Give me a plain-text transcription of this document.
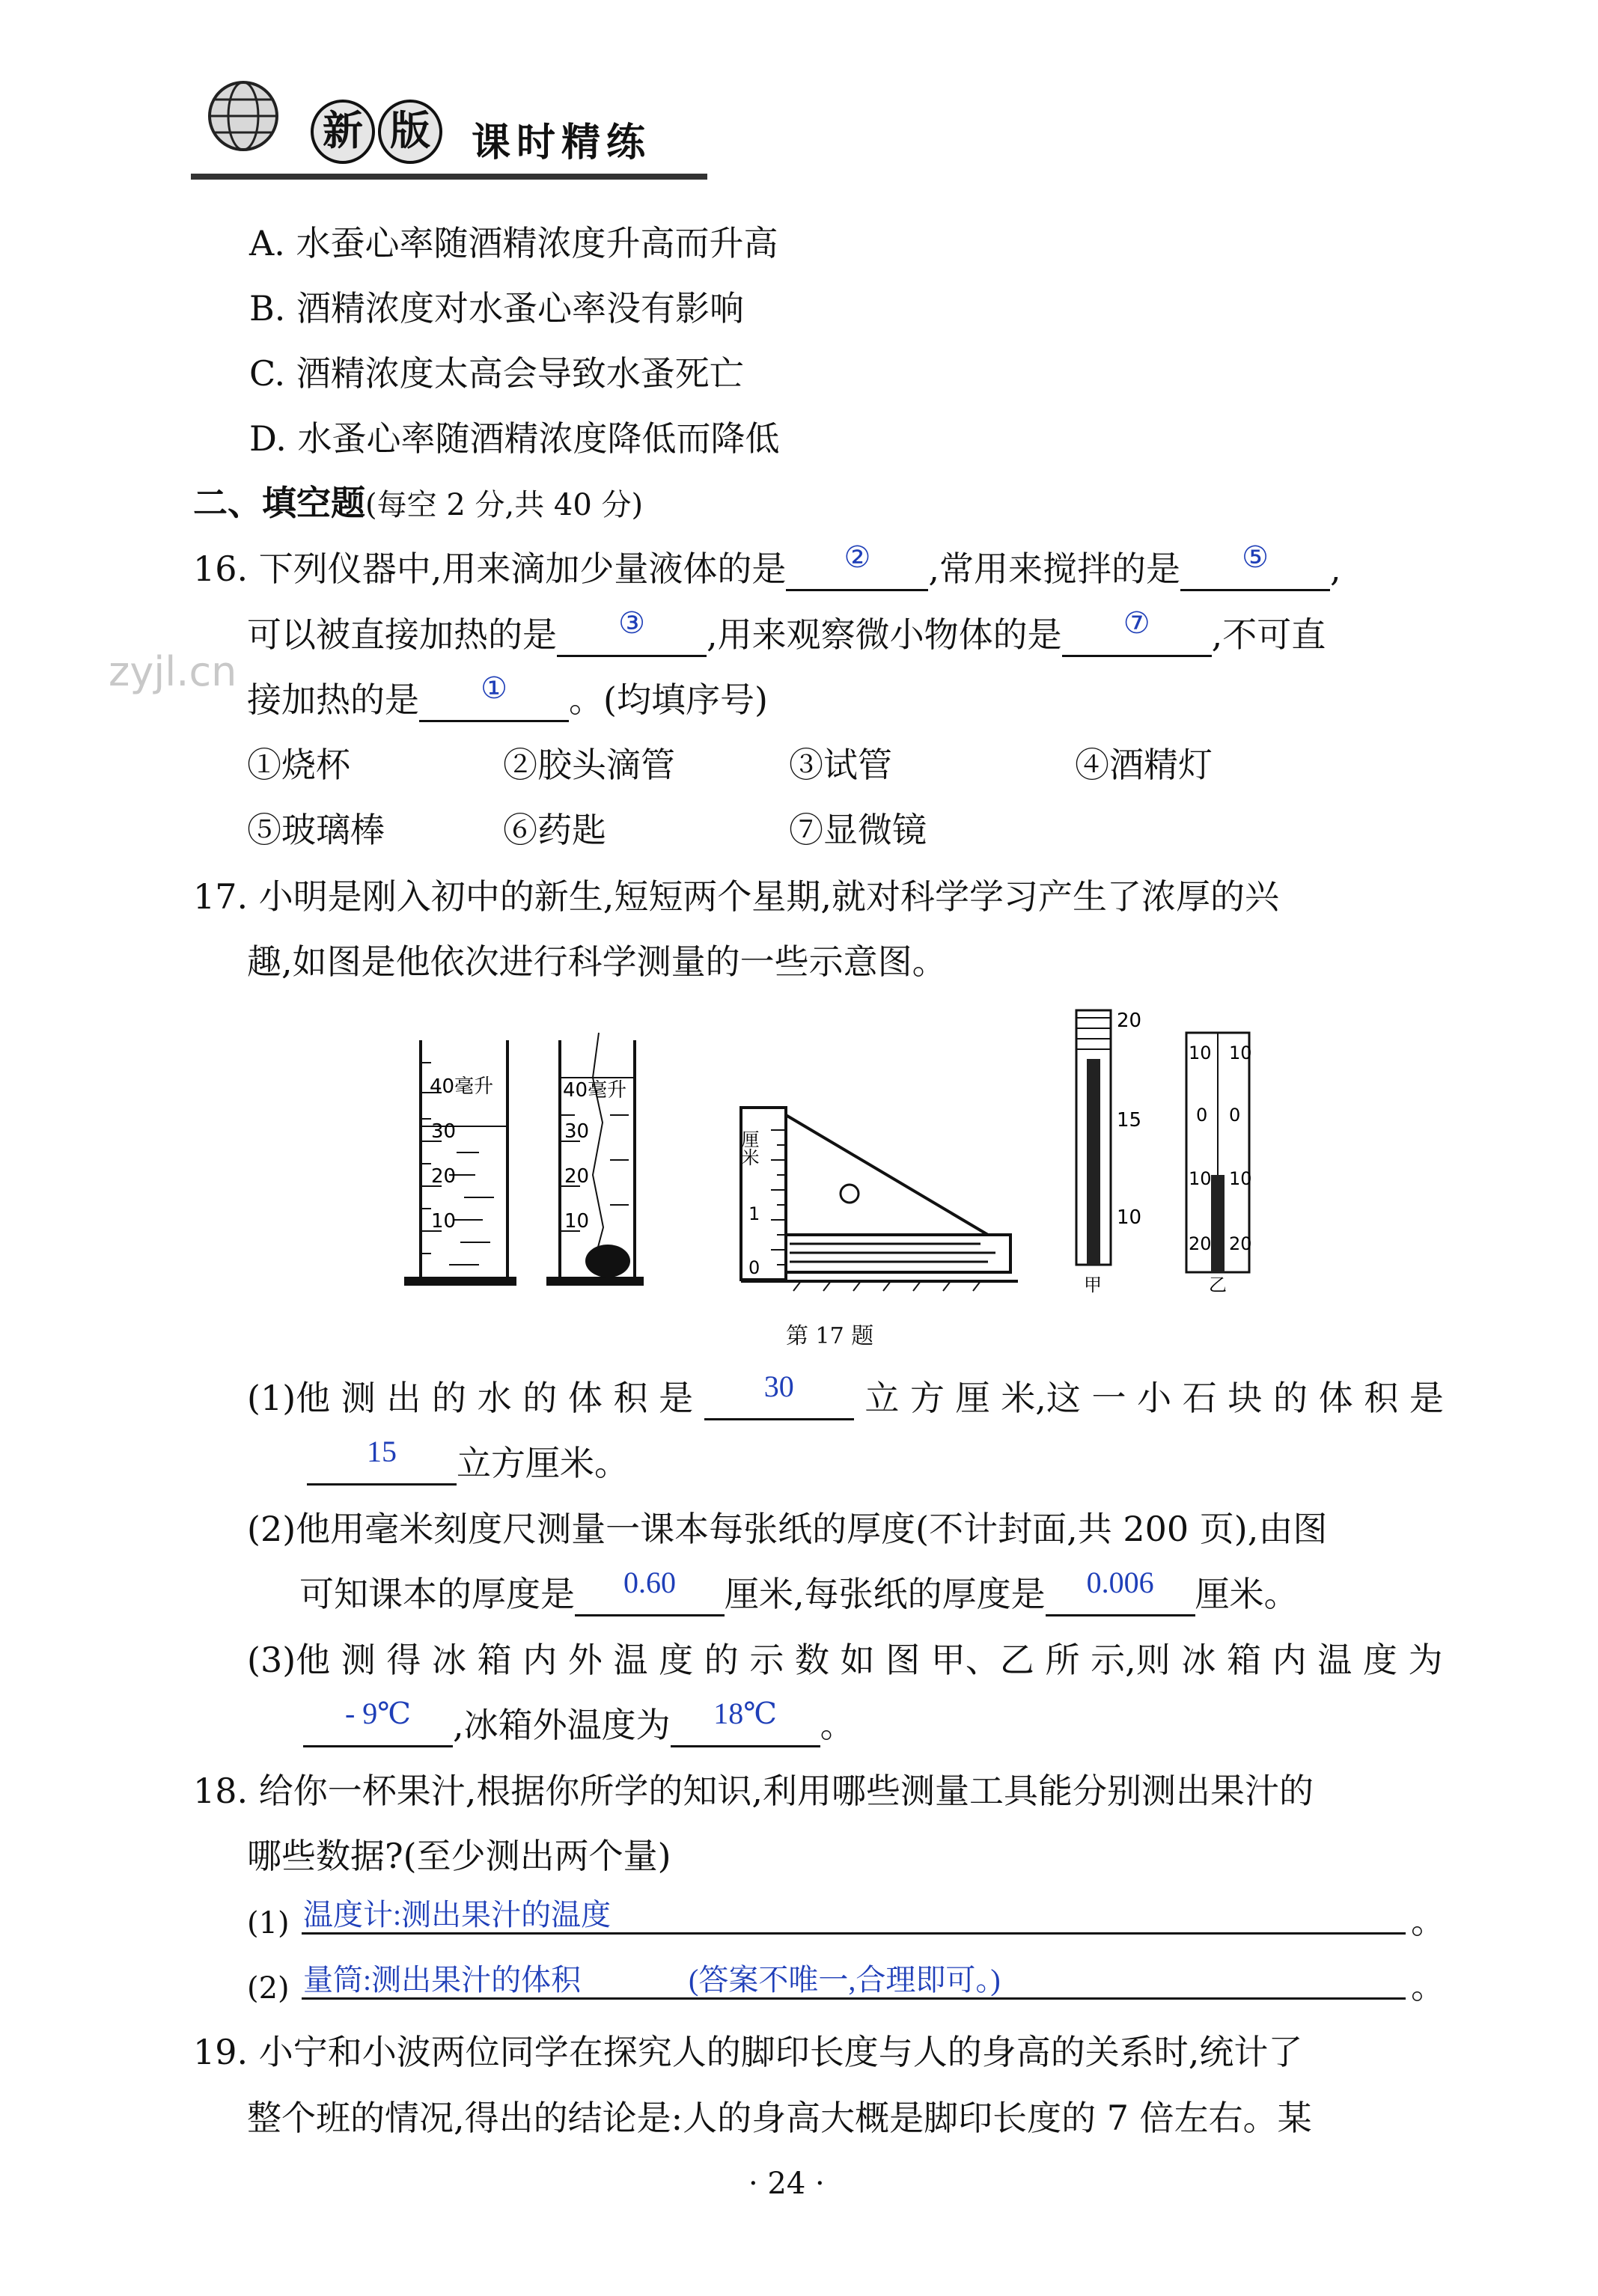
新 版	课时精练
zyjl.cn
A. 水蚕心率随酒精浓度升高而升高
B. 酒精浓度对水蚤心率没有影响
C. 酒精浓度太高会导致水蚤死亡
D. 水蚤心率随酒精浓度降低而降低
二、填空题(每空 2 分,共 40 分)
16. 下列仪器中,用来滴加少量液体的是 ② ,常用来搅拌的是 ⑤ ,
可以被直接加热的是 ③ ,用来观察微小物体的是 ⑦ ,不可直
接加热的是 ① 。(均填序号)
①烧杯	②胶头滴管	③试管	④酒精灯
⑤玻璃棒	⑥药匙	⑦显微镜
17. 小明是刚入初中的新生,短短两个星期,就对科学学习产生了浓厚的兴
趣,如图是他依次进行科学测量的一些示意图。
40毫升
30
20
10
40毫升
30
20
10
厘米
1
0
20
15
10
甲
10
0
10
20
10
0
10
20
乙
第 17 题
(1)他 测 出 的 水 的 体 积 是 30 立 方 厘 米,这 一 小 石 块 的 体 积 是
15 立方厘米。
(2)他用毫米刻度尺测量一课本每张纸的厚度(不计封面,共 200 页),由图
可知课本的厚度是 0.60 厘米,每张纸的厚度是 0.006 厘米。
(3)他 测 得 冰 箱 内 外 温 度 的 示 数 如 图 甲、乙 所 示,则 冰 箱 内 温 度 为
- 9℃ ,冰箱外温度为 18℃ 。
18. 给你一杯果汁,根据你所学的知识,利用哪些测量工具能分别测出果汁的
哪些数据?(至少测出两个量)
(1) 温度计:测出果汁的温度	。
(2) 量筒:测出果汁的体积	(答案不唯一,合理即可。)	。
19. 小宁和小波两位同学在探究人的脚印长度与人的身高的关系时,统计了
整个班的情况,得出的结论是:人的身高大概是脚印长度的 7 倍左右。某
· 24 ·
